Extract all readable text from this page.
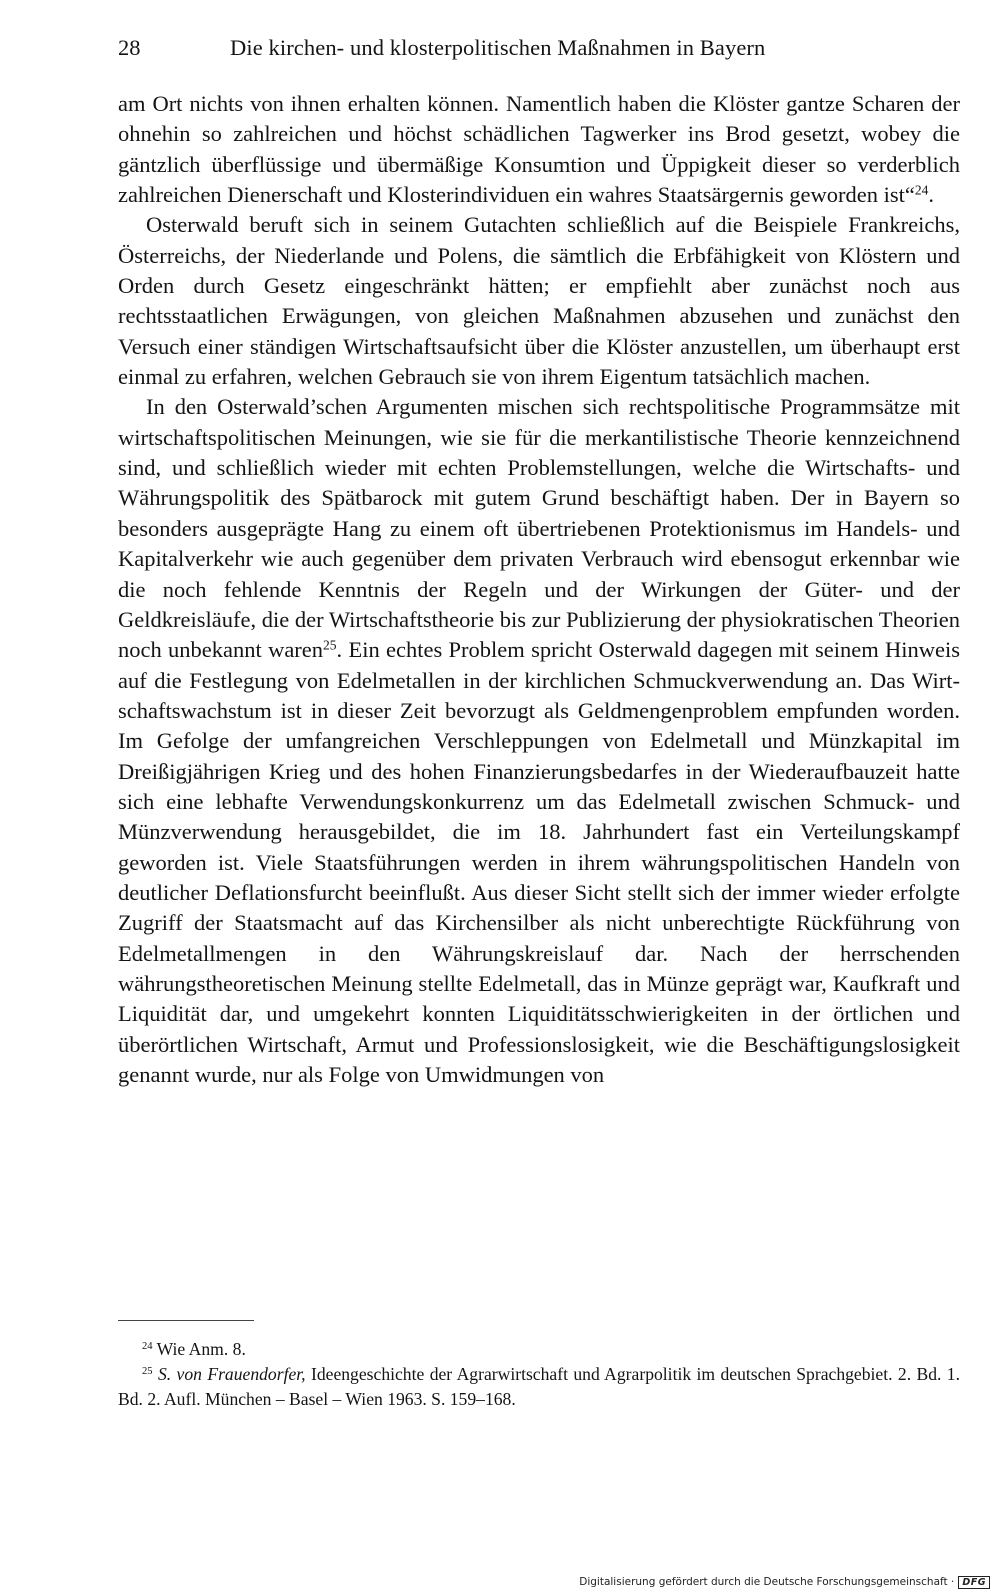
28	Die kirchen- und klosterpolitischen Maßnahmen in Bayern

am Ort nichts von ihnen erhalten können. Namentlich haben die Klöster gantze Scharen der ohnehin so zahlreichen und höchst schädlichen Tagwerker ins Brod gesetzt, wobey die gäntzlich überflüssige und übermäßige Konsumtion und Üppigkeit dieser so verderblich zahlreichen Dienerschaft und Klosterindividuen ein wahres Staatsärgernis geworden ist“$^{24}$.

Osterwald beruft sich in seinem Gutachten schließlich auf die Beispiele Frankreichs, Österreichs, der Niederlande und Polens, die sämtlich die Erbfähigkeit von Klöstern und Orden durch Gesetz eingeschränkt hätten; er empfiehlt aber zunächst noch aus rechtsstaatlichen Erwägungen, von gleichen Maßnahmen abzusehen und zunächst den Versuch einer ständigen Wirtschaftsaufsicht über die Klöster anzustellen, um überhaupt erst einmal zu erfahren, welchen Gebrauch sie von ihrem Eigentum tatsächlich machen.

In den Osterwald’schen Argumenten mischen sich rechtspolitische Programmsätze mit wirtschaftspolitischen Meinungen, wie sie für die merkantilistische Theorie kennzeichnend sind, und schließlich wieder mit echten Problemstellungen, welche die Wirtschafts- und Währungspolitik des Spätbarock mit gutem Grund beschäftigt haben. Der in Bayern so besonders ausgeprägte Hang zu einem oft übertriebenen Protektionismus im Handels- und Kapitalverkehr wie auch gegenüber dem privaten Verbrauch wird ebensogut erkennbar wie die noch fehlende Kenntnis der Regeln und der Wirkungen der Güter- und der Geldkreisläufe, die der Wirtschaftstheorie bis zur Publizierung der physiokratischen Theorien noch unbekannt waren$^{25}$. Ein echtes Problem spricht Osterwald dagegen mit seinem Hinweis auf die Festlegung von Edelmetallen in der kirchlichen Schmuckverwendung an. Das Wirtschaftswachstum ist in dieser Zeit bevorzugt als Geldmengenproblem empfunden worden. Im Gefolge der umfangreichen Verschleppungen von Edelmetall und Münzkapital im Dreißigjährigen Krieg und des hohen Finanzierungsbedarfes in der Wiederaufbauzeit hatte sich eine lebhafte Verwendungskonkurrenz um das Edelmetall zwischen Schmuck- und Münzverwendung herausgebildet, die im 18. Jahrhundert fast ein Verteilungskampf geworden ist. Viele Staatsführungen werden in ihrem währungspolitischen Handeln von deutlicher Deflationsfurcht beeinflußt. Aus dieser Sicht stellt sich der immer wieder erfolgte Zugriff der Staatsmacht auf das Kirchensilber als nicht unberechtigte Rückführung von Edelmetallmengen in den Währungskreislauf dar. Nach der herrschenden währungstheoretischen Meinung stellte Edelmetall, das in Münze geprägt war, Kaufkraft und Liquidität dar, und umgekehrt konnten Liquiditätsschwierigkeiten in der örtlichen und überörtlichen Wirtschaft, Armut und Professionslosigkeit, wie die Beschäftigungslosigkeit genannt wurde, nur als Folge von Umwidmungen von

$^{24}$ Wie Anm. 8.

$^{25}$ S. von Frauendorfer, Ideengeschichte der Agrarwirtschaft und Agrarpolitik im deutschen Sprachgebiet. 2. Bd. 1. Bd. 2. Aufl. München – Basel – Wien 1963. S. 159–168.

Digitalisierung gefördert durch die Deutsche Forschungsgemeinschaft · DFG
